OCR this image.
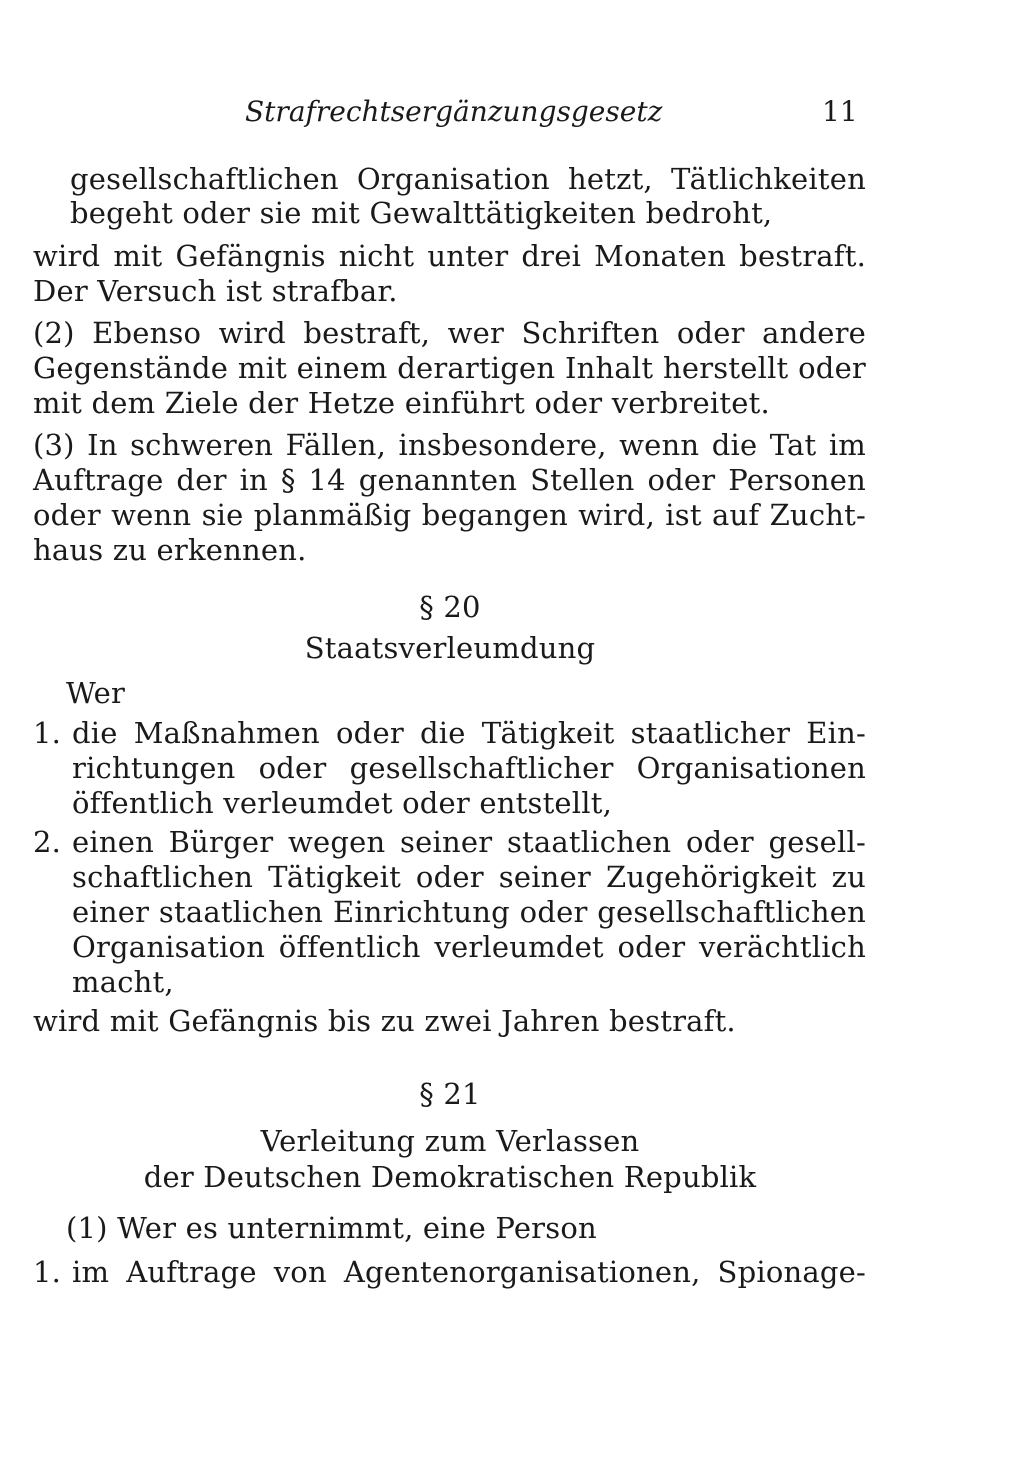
Strafrechtsergänzungsgesetz	11
gesellschaftlichen Organisation hetzt, Tätlichkeiten
begeht oder sie mit Gewalttätigkeiten bedroht,
wird mit Gefängnis nicht unter drei Monaten bestraft.
Der Versuch ist strafbar.
(2) Ebenso wird bestraft, wer Schriften oder andere
Gegenstände mit einem derartigen Inhalt herstellt oder
mit dem Ziele der Hetze einführt oder verbreitet.
(3) In schweren Fällen, insbesondere, wenn die Tat im
Auftrage der in § 14 genannten Stellen oder Personen
oder wenn sie planmäßig begangen wird, ist auf Zucht-
haus zu erkennen.
§ 20
Staatsverleumdung
Wer
1. die Maßnahmen oder die Tätigkeit staatlicher Ein-
richtungen oder gesellschaftlicher Organisationen
öffentlich verleumdet oder entstellt,
2. einen Bürger wegen seiner staatlichen oder gesell-
schaftlichen Tätigkeit oder seiner Zugehörigkeit zu
einer staatlichen Einrichtung oder gesellschaftlichen
Organisation öffentlich verleumdet oder verächtlich
macht,
wird mit Gefängnis bis zu zwei Jahren bestraft.
§ 21
Verleitung zum Verlassen
der Deutschen Demokratischen Republik
(1) Wer es unternimmt, eine Person
1. im Auftrage von Agentenorganisationen, Spionage-
